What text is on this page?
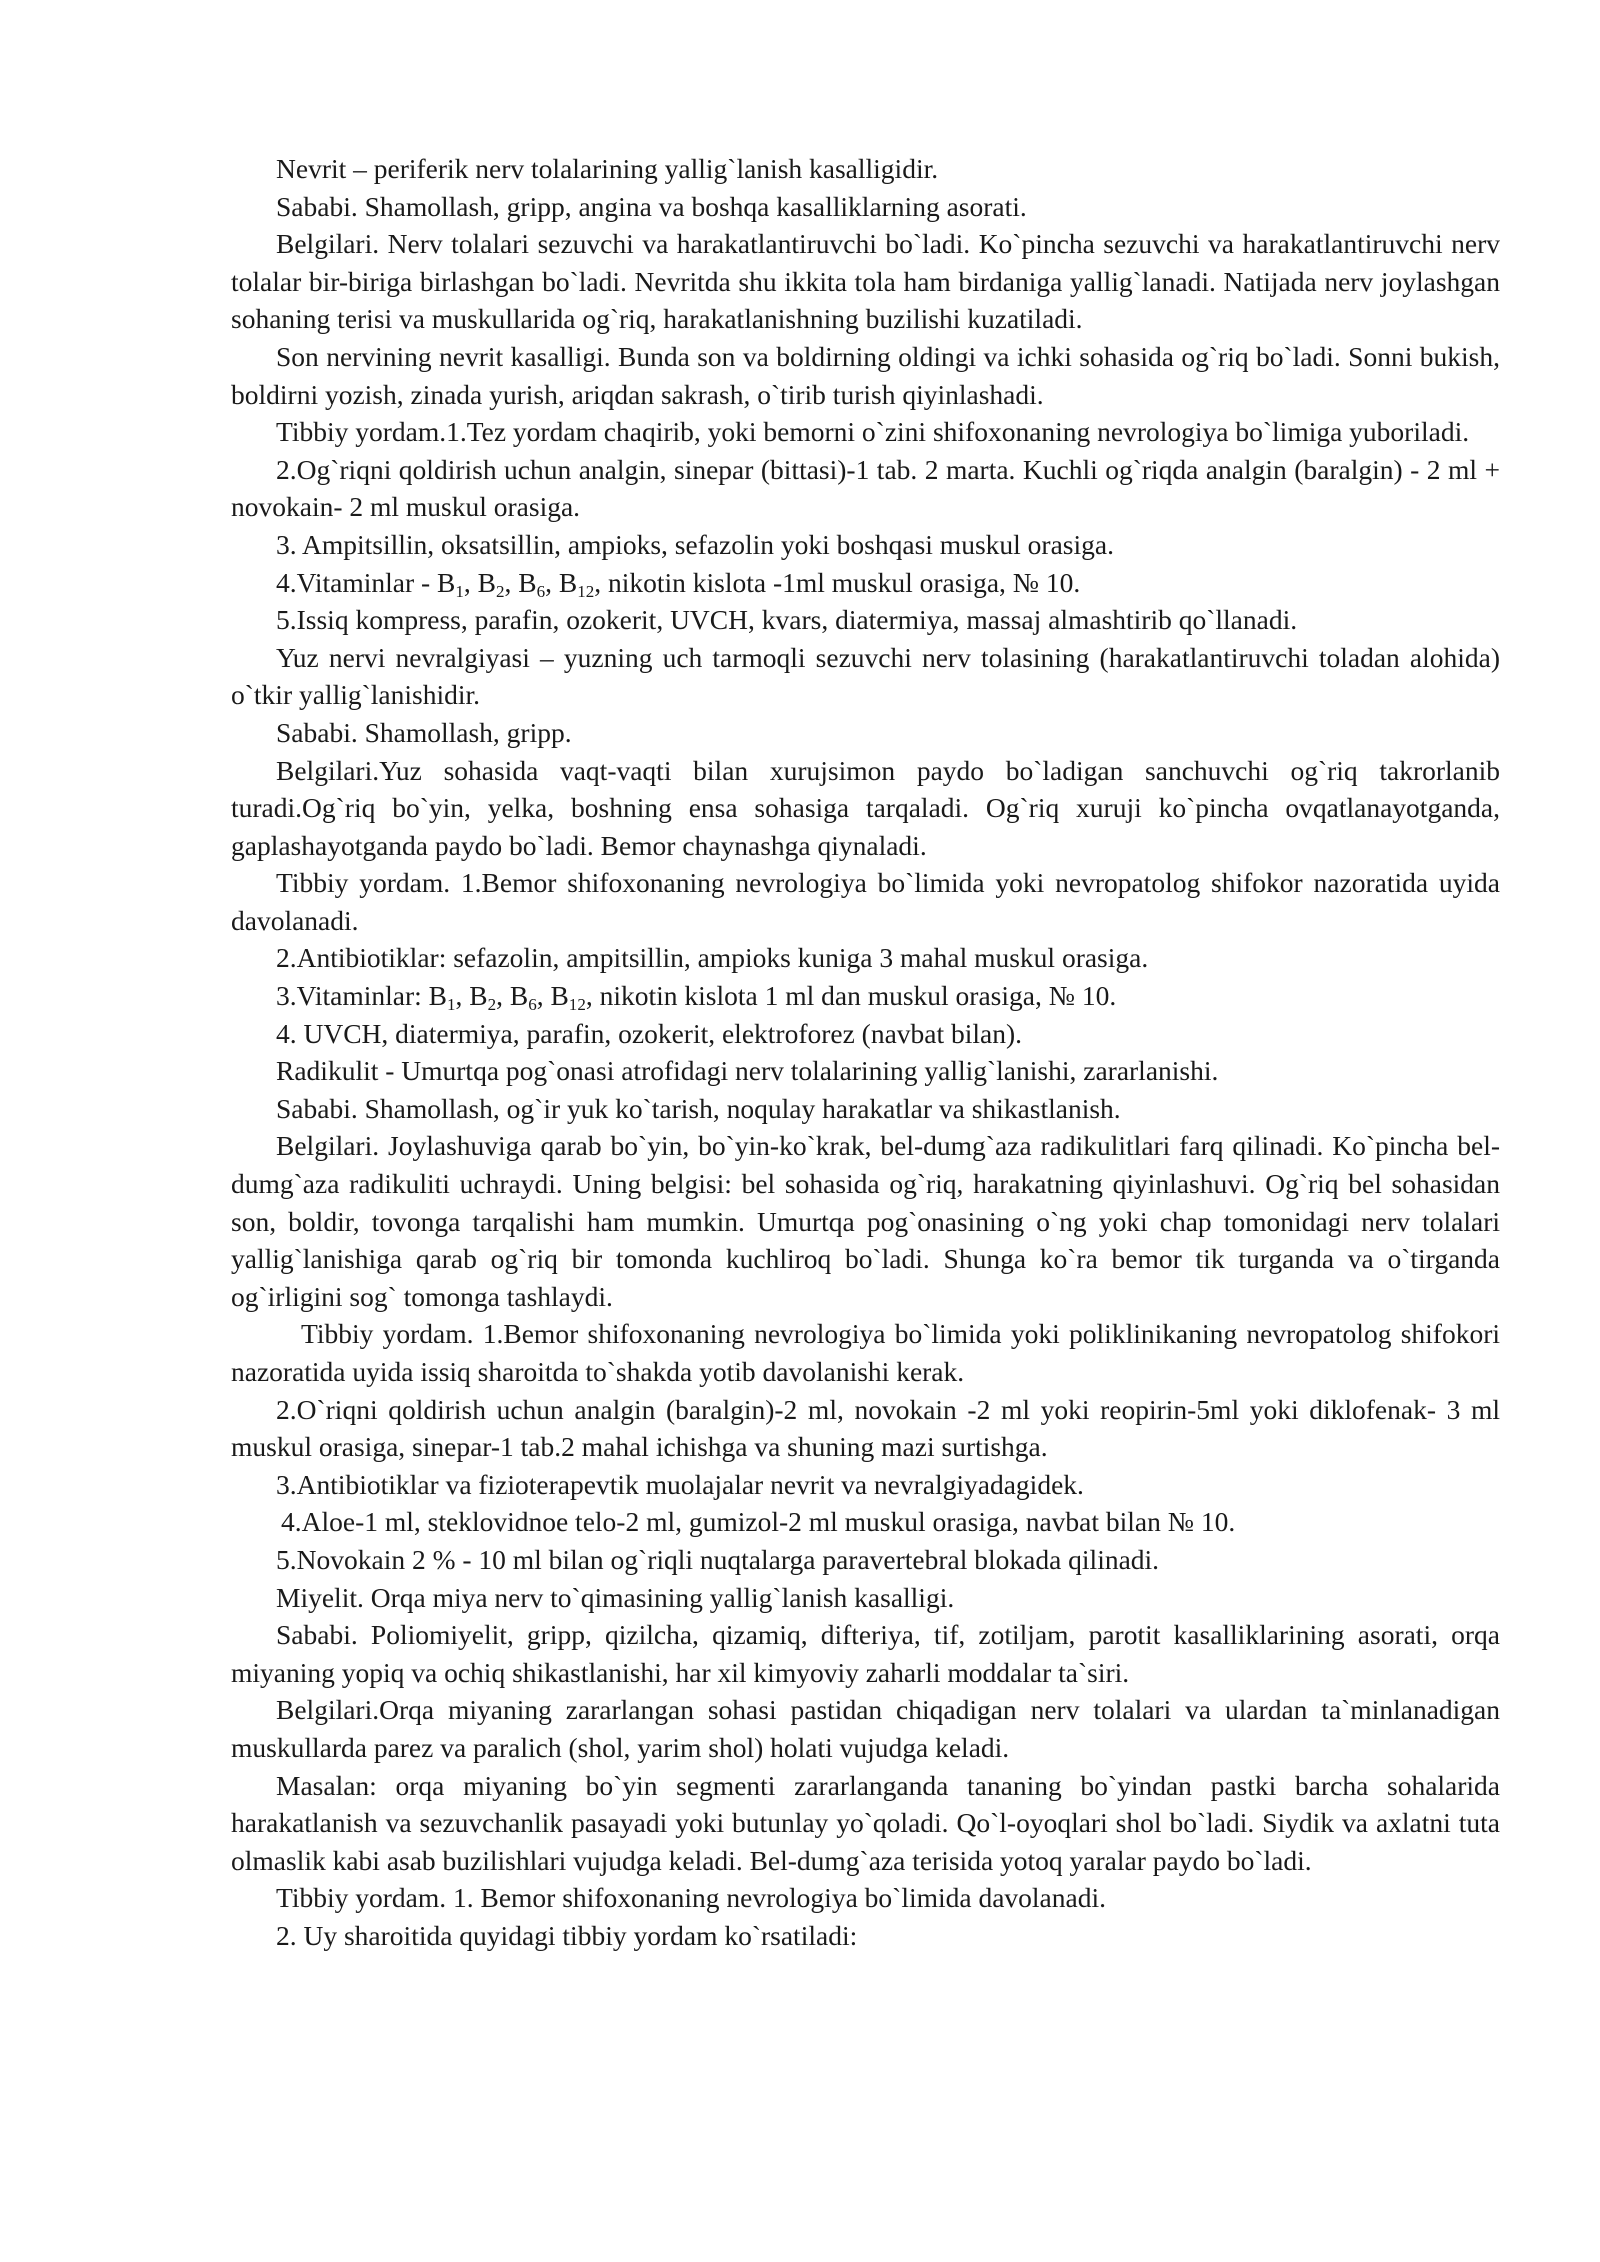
Nevrit – periferik nerv tolalarining yallig`lanish kasalligidir.

Sababi. Shamollash, gripp, angina va boshqa kasalliklarning asorati.

Belgilari. Nerv tolalari sezuvchi va harakatlantiruvchi bo`ladi. Ko`pincha sezuvchi va harakatlantiruvchi nerv tolalar bir-biriga birlashgan bo`ladi. Nevritda shu ikkita tola ham birdaniga yallig`lanadi. Natijada nerv joylashgan sohaning terisi va muskullarida og`riq, harakatlanishning buzilishi kuzatiladi.

Son nervining nevrit kasalligi. Bunda son va boldirning oldingi va ichki sohasida og`riq bo`ladi. Sonni bukish, boldirni yozish, zinada yurish, ariqdan sakrash, o`tirib turish qiyinlashadi.

Tibbiy yordam.1.Tez yordam chaqirib, yoki bemorni o`zini shifoxonaning nevrologiya bo`limiga yuboriladi.

2.Og`riqni qoldirish uchun analgin, sinepar (bittasi)-1 tab. 2 marta. Kuchli og`riqda analgin (baralgin) - 2 ml + novokain- 2 ml muskul orasiga.

3. Ampitsillin, oksatsillin, ampioks, sefazolin yoki boshqasi muskul orasiga.

4.Vitaminlar - $B_1$, $B_2$, $B_6$, $B_{12}$, nikotin kislota -1ml muskul orasiga, № 10.

5.Issiq kompress, parafin, ozokerit, UVCH, kvars, diatermiya, massaj almashtirib qo`llanadi.

Yuz nervi nevralgiyasi – yuzning uch tarmoqli sezuvchi nerv tolasining (harakatlantiruvchi toladan alohida) o`tkir yallig`lanishidir.

Sababi. Shamollash, gripp.

Belgilari.Yuz sohasida vaqt-vaqti bilan xurujsimon paydo bo`ladigan sanchuvchi og`riq takrorlanib turadi.Og`riq bo`yin, yelka, boshning ensa sohasiga tarqaladi. Og`riq xuruji ko`pincha ovqatlanayotganda, gaplashayotganda paydo bo`ladi. Bemor chaynashga qiynaladi.

Tibbiy yordam. 1.Bemor shifoxonaning nevrologiya bo`limida yoki nevropatolog shifokor nazoratida uyida davolanadi.

2.Antibiotiklar: sefazolin, ampitsillin, ampioks kuniga 3 mahal muskul orasiga.

3.Vitaminlar: $B_1$, $B_2$, $B_6$, $B_{12}$, nikotin kislota 1 ml dan muskul orasiga, № 10.

4. UVCH, diatermiya, parafin, ozokerit, elektroforez (navbat bilan).

Radikulit - Umurtqa pog`onasi atrofidagi nerv tolalarining yallig`lanishi, zararlanishi.

Sababi. Shamollash, og`ir yuk ko`tarish, noqulay harakatlar va shikastlanish.

Belgilari. Joylashuviga qarab bo`yin, bo`yin-ko`krak, bel-dumg`aza radikulitlari farq qilinadi. Ko`pincha bel-dumg`aza radikuliti uchraydi. Uning belgisi: bel sohasida og`riq, harakatning qiyinlashuvi. Og`riq bel sohasidan son, boldir, tovonga tarqalishi ham mumkin. Umurtqa pog`onasining o`ng yoki chap tomonidagi nerv tolalari yallig`lanishiga qarab og`riq bir tomonda kuchliroq bo`ladi. Shunga ko`ra bemor tik turganda va o`tirganda og`irligini sog` tomonga tashlaydi.

Tibbiy yordam. 1.Bemor shifoxonaning nevrologiya bo`limida yoki poliklinikaning nevropatolog shifokori nazoratida uyida issiq sharoitda to`shakda yotib davolanishi kerak.

2.O`riqni qoldirish uchun analgin (baralgin)-2 ml, novokain -2 ml yoki reopirin-5ml yoki diklofenak- 3 ml muskul orasiga, sinepar-1 tab.2 mahal ichishga va shuning mazi surtishga.

3.Antibiotiklar va fizioterapevtik muolajalar nevrit va nevralgiyadagidek.

4.Aloe-1 ml, steklovidnoe telo-2 ml, gumizol-2 ml muskul orasiga, navbat bilan № 10.

5.Novokain 2 % - 10 ml bilan og`riqli nuqtalarga paravertebral blokada qilinadi.

Miyelit. Orqa miya nerv to`qimasining yallig`lanish kasalligi.

Sababi. Poliomiyelit, gripp, qizilcha, qizamiq, difteriya, tif, zotiljam, parotit kasalliklarining asorati, orqa miyaning yopiq va ochiq shikastlanishi, har xil kimyoviy zaharli moddalar ta`siri.

Belgilari.Orqa miyaning zararlangan sohasi pastidan chiqadigan nerv tolalari va ulardan ta`minlanadigan muskullarda parez va paralich (shol, yarim shol) holati vujudga keladi.

Masalan: orqa miyaning bo`yin segmenti zararlanganda tananing bo`yindan pastki barcha sohalarida harakatlanish va sezuvchanlik pasayadi yoki butunlay yo`qoladi. Qo`l-oyoqlari shol bo`ladi. Siydik va axlatni tuta olmaslik kabi asab buzilishlari vujudga keladi. Bel-dumg`aza terisida yotoq yaralar paydo bo`ladi.

Tibbiy yordam. 1. Bemor shifoxonaning nevrologiya bo`limida davolanadi.

2. Uy sharoitida quyidagi tibbiy yordam ko`rsatiladi:
